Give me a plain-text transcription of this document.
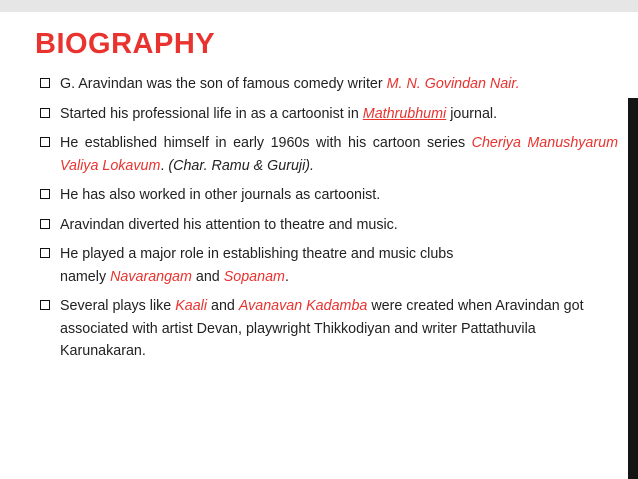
BIOGRAPHY
G. Aravindan was the son of famous comedy writer M. N. Govindan Nair.
Started his professional life in as a cartoonist in Mathrubhumi journal.
He established himself in early 1960s with his cartoon series Cheriya Manushyarum Valiya Lokavum. (Char. Ramu & Guruji).
He has also worked in other journals as cartoonist.
Aravindan diverted his attention to theatre and music.
He played a major role in establishing theatre and music clubs
namely Navarangam and Sopanam.
Several plays like Kaali and Avanavan Kadamba were created when Aravindan got associated with artist Devan, playwright Thikkodiyan and writer Pattathuvila Karunakaran.
